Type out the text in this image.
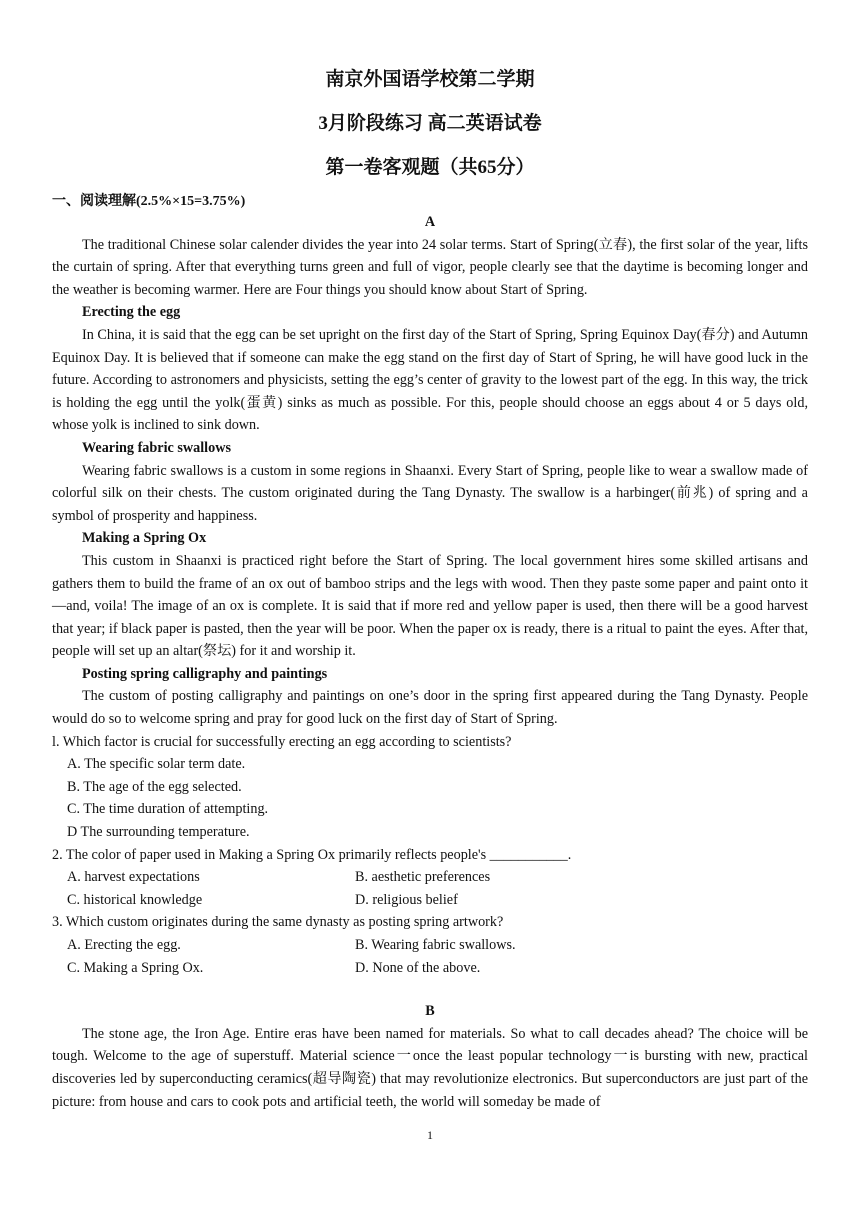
南京外国语学校第二学期
3月阶段练习 高二英语试卷
第一卷客观题（共65分）
一、阅读理解(2.5%×15=3.75%)

A

The traditional Chinese solar calender divides the year into 24 solar terms. Start of Spring(立春), the first solar of the year, lifts the curtain of spring. After that everything turns green and full of vigor, people clearly see that the daytime is becoming longer and the weather is becoming warmer. Here are Four things you should know about Start of Spring.

Erecting the egg

In China, it is said that the egg can be set upright on the first day of the Start of Spring, Spring Equinox Day(春分) and Autumn Equinox Day. It is believed that if someone can make the egg stand on the first day of Start of Spring, he will have good luck in the future. According to astronomers and physicists, setting the egg’s center of gravity to the lowest part of the egg. In this way, the trick is holding the egg until the yolk(蛋黄) sinks as much as possible. For this, people should choose an eggs about 4 or 5 days old, whose yolk is inclined to sink down.

Wearing fabric swallows

Wearing fabric swallows is a custom in some regions in Shaanxi. Every Start of Spring, people like to wear a swallow made of colorful silk on their chests. The custom originated during the Tang Dynasty. The swallow is a harbinger(前兆) of spring and a symbol of prosperity and happiness.

Making a Spring Ox

This custom in Shaanxi is practiced right before the Start of Spring. The local government hires some skilled artisans and gathers them to build the frame of an ox out of bamboo strips and the legs with wood. Then they paste some paper and paint onto it—and, voila! The image of an ox is complete. It is said that if more red and yellow paper is used, then there will be a good harvest that year; if black paper is pasted, then the year will be poor. When the paper ox is ready, there is a ritual to paint the eyes. After that, people will set up an altar(祭坛) for it and worship it.

Posting spring calligraphy and paintings

The custom of posting calligraphy and paintings on one’s door in the spring first appeared during the Tang Dynasty. People would do so to welcome spring and pray for good luck on the first day of Start of Spring.

l. Which factor is crucial for successfully erecting an egg according to scientists?

A. The specific solar term date.

B. The age of the egg selected.

C. The time duration of attempting.

D The surrounding temperature.

2. The color of paper used in Making a Spring Ox primarily reflects people's ___________.

A. harvest expectations	B. aesthetic preferences
C. historical knowledge	D. religious belief

3. Which custom originates during the same dynasty as posting spring artwork?

A. Erecting the egg.	B. Wearing fabric swallows.
C. Making a Spring Ox.	D. None of the above.

B

The stone age, the Iron Age. Entire eras have been named for materials. So what to call decades ahead? The choice will be tough. Welcome to the age of superstuff. Material science一once the least popular technology一is bursting with new, practical discoveries led by superconducting ceramics(超导陶瓷) that may revolutionize electronics. But superconductors are just part of the picture: from house and cars to cook pots and artificial teeth, the world will someday be made of

1
